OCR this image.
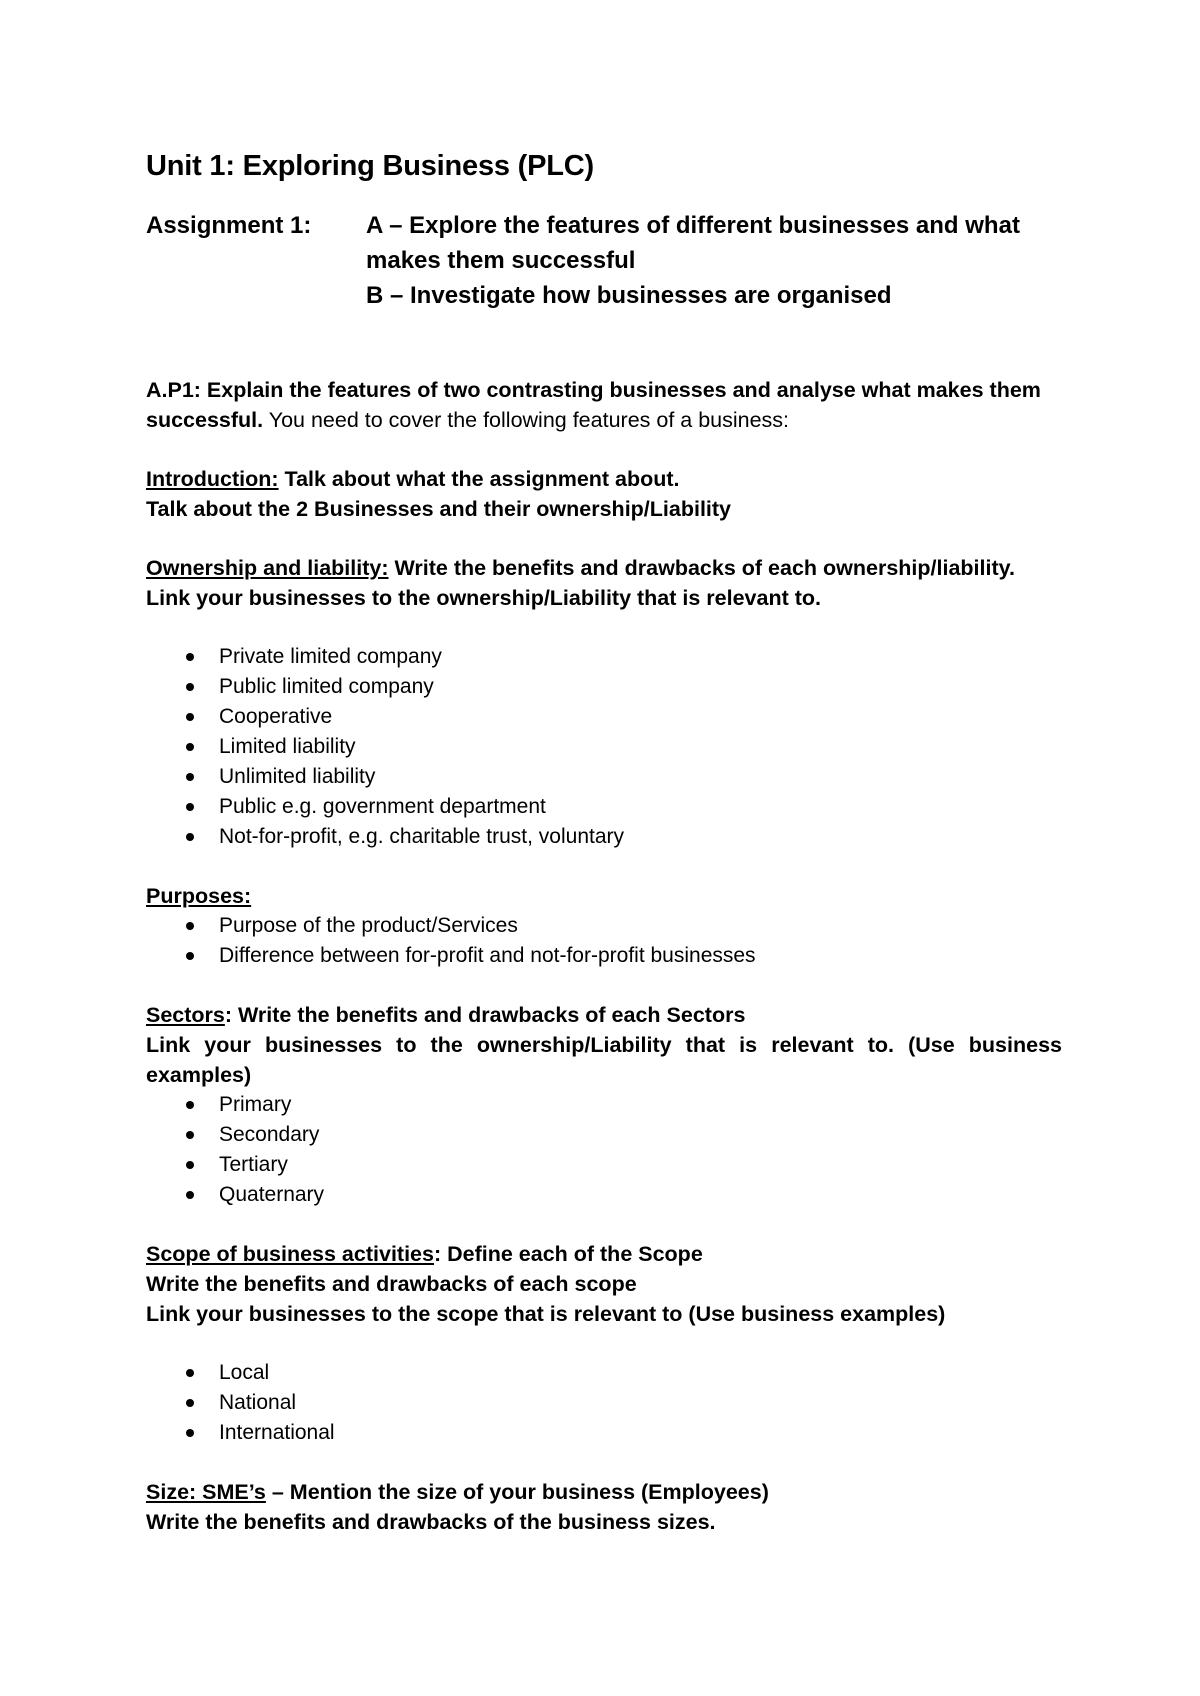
Unit 1: Exploring Business (PLC)
Assignment 1:	A – Explore the features of different businesses and what
makes them successful
B – Investigate how businesses are organised

A.P1: Explain the features of two contrasting businesses and analyse what makes them
successful. You need to cover the following features of a business:

Introduction: Talk about what the assignment about.
Talk about the 2 Businesses and their ownership/Liability

Ownership and liability: Write the benefits and drawbacks of each ownership/liability.
Link your businesses to the ownership/Liability that is relevant to.

Private limited company
Public limited company
Cooperative
Limited liability
Unlimited liability
Public e.g. government department
Not-for-profit, e.g. charitable trust, voluntary

Purposes:

Purpose of the product/Services
Difference between for-profit and not-for-profit businesses
Sectors: Write the benefits and drawbacks of each Sectors
Link your businesses to the ownership/Liability that is relevant to. (Use business
examples)
Primary
Secondary
Tertiary
Quaternary

Scope of business activities: Define each of the Scope
Write the benefits and drawbacks of each scope
Link your businesses to the scope that is relevant to (Use business examples)

Local
National
International

Size: SME’s – Mention the size of your business (Employees)
Write the benefits and drawbacks of the business sizes.
